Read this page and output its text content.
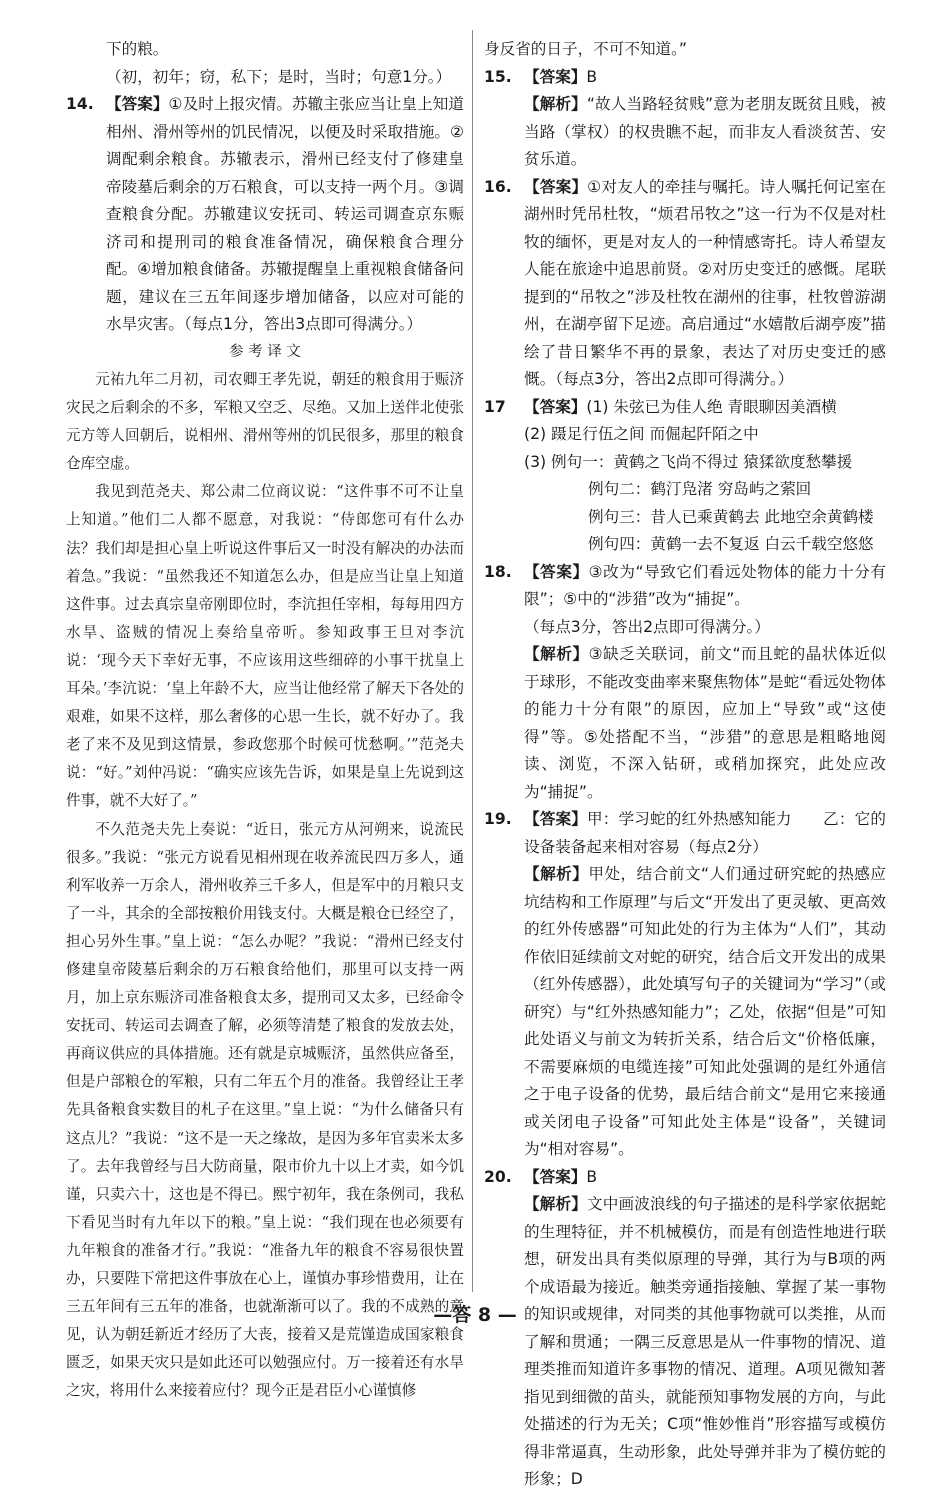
下的粮。

（初，初年；窃，私下；是时，当时；句意1分。）

14. 【答案】①及时上报灾情。苏辙主张应当让皇上知道相州、滑州等州的饥民情况，以便及时采取措施。②调配剩余粮食。苏辙表示，滑州已经支付了修建皇帝陵墓后剩余的万石粮食，可以支持一两个月。③调查粮食分配。苏辙建议安抚司、转运司调查京东赈济司和提刑司的粮食准备情况，确保粮食合理分配。④增加粮食储备。苏辙提醒皇上重视粮食储备问题，建议在三五年间逐步增加储备，以应对可能的水旱灾害。（每点1分，答出3点即可得满分。）

参 考 译 文

元祐九年二月初，司农卿王孝先说，朝廷的粮食用于赈济灾民之后剩余的不多，军粮又空乏、尽绝。又加上送伴北使张元方等人回朝后，说相州、滑州等州的饥民很多，那里的粮食仓库空虚。

我见到范尧夫、郑公肃二位商议说：“这件事不可不让皇上知道。”他们二人都不愿意，对我说：“侍郎您可有什么办法？我们却是担心皇上听说这件事后又一时没有解决的办法而着急。”我说：“虽然我还不知道怎么办，但是应当让皇上知道这件事。过去真宗皇帝刚即位时，李沆担任宰相，每每用四方水旱、盗贼的情况上奏给皇帝听。参知政事王旦对李沆说：‘现今天下幸好无事，不应该用这些细碎的小事干扰皇上耳朵。’李沆说：‘皇上年龄不大，应当让他经常了解天下各处的艰难，如果不这样，那么奢侈的心思一生长，就不好办了。我老了来不及见到这情景，参政您那个时候可忧愁啊。’”范尧夫说：“好。”刘仲冯说：“确实应该先告诉，如果是皇上先说到这件事，就不大好了。”

不久范尧夫先上奏说：“近日，张元方从河朔来，说流民很多。”我说：“张元方说看见相州现在收养流民四万多人，通利军收养一万余人，滑州收养三千多人，但是军中的月粮只支了一斗，其余的全部按粮价用钱支付。大概是粮仓已经空了，担心另外生事。”皇上说：“怎么办呢？”我说：“滑州已经支付修建皇帝陵墓后剩余的万石粮食给他们，那里可以支持一两月，加上京东赈济司准备粮食太多，提刑司又太多，已经命令安抚司、转运司去调查了解，必须等清楚了粮食的发放去处，再商议供应的具体措施。还有就是京城赈济，虽然供应备至，但是户部粮仓的军粮，只有二年五个月的准备。我曾经让王孝先具备粮食实数目的札子在这里。”皇上说：“为什么储备只有这点儿？”我说：“这不是一天之缘故，是因为多年官卖米太多了。去年我曾经与吕大防商量，限市价九十以上才卖，如今饥谨，只卖六十，这也是不得已。熙宁初年，我在条例司，我私下看见当时有九年以下的粮。”皇上说：“我们现在也必须要有九年粮食的准备才行。”我说：“准备九年的粮食不容易很快置办，只要陛下常把这件事放在心上，谨慎办事珍惜费用，让在三五年间有三五年的准备，也就渐渐可以了。我的不成熟的意见，认为朝廷新近才经历了大丧，接着又是荒馑造成国家粮食匮乏，如果天灾只是如此还可以勉强应付。万一接着还有水旱之灾，将用什么来接着应付？现今正是君臣小心谨慎修

身反省的日子，不可不知道。”

15. 【答案】B

【解析】“故人当路轻贫贱”意为老朋友既贫且贱，被当路（掌权）的权贵瞧不起，而非友人看淡贫苦、安贫乐道。

16. 【答案】①对友人的牵挂与嘱托。诗人嘱托何记室在湖州时凭吊杜牧，“烦君吊牧之”这一行为不仅是对杜牧的缅怀，更是对友人的一种情感寄托。诗人希望友人能在旅途中追思前贤。②对历史变迁的感慨。尾联提到的“吊牧之”涉及杜牧在湖州的往事，杜牧曾游湖州，在湖亭留下足迹。高启通过“水嬉散后湖亭废”描绘了昔日繁华不再的景象，表达了对历史变迁的感慨。（每点3分，答出2点即可得满分。）

17 【答案】(1) 朱弦已为佳人绝 青眼聊因美酒横

(2) 蹑足行伍之间 而倔起阡陌之中

(3) 例句一：黄鹤之飞尚不得过 猿猱欲度愁攀援

例句二：鹤汀凫渚 穷岛屿之萦回

例句三：昔人已乘黄鹤去 此地空余黄鹤楼

例句四：黄鹤一去不复返 白云千载空悠悠

18. 【答案】③改为“导致它们看远处物体的能力十分有限”；⑤中的“涉猎”改为“捕捉”。

（每点3分，答出2点即可得满分。）

【解析】③缺乏关联词，前文“而且蛇的晶状体近似于球形，不能改变曲率来聚焦物体”是蛇“看远处物体的能力十分有限”的原因，应加上“导致”或“这使得”等。⑤处搭配不当，“涉猎”的意思是粗略地阅读、浏览，不深入钻研，或稍加探究，此处应改为“捕捉”。

19. 【答案】甲：学习蛇的红外热感知能力　　乙：它的设备装备起来相对容易（每点2分）

【解析】甲处，结合前文“人们通过研究蛇的热感应坑结构和工作原理”与后文“开发出了更灵敏、更高效的红外传感器”可知此处的行为主体为“人们”，其动作依旧延续前文对蛇的研究，结合后文开发出的成果（红外传感器），此处填写句子的关键词为“学习”（或研究）与“红外热感知能力”；乙处，依据“但是”可知此处语义与前文为转折关系，结合后文“价格低廉，不需要麻烦的电缆连接”可知此处强调的是红外通信之于电子设备的优势，最后结合前文“是用它来接通或关闭电子设备”可知此处主体是“设备”，关键词为“相对容易”。

20. 【答案】B

【解析】文中画波浪线的句子描述的是科学家依据蛇的生理特征，并不机械模仿，而是有创造性地进行联想，研发出具有类似原理的导弹，其行为与B项的两个成语最为接近。触类旁通指接触、掌握了某一事物的知识或规律，对同类的其他事物就可以类推，从而了解和贯通；一隅三反意思是从一件事物的情况、道理类推而知道许多事物的情况、道理。A项见微知著指见到细微的苗头，就能预知事物发展的方向，与此处描述的行为无关；C项“惟妙惟肖”形容描写或模仿得非常逼真，生动形象，此处导弹并非为了模仿蛇的形象；D

—答 8 —
